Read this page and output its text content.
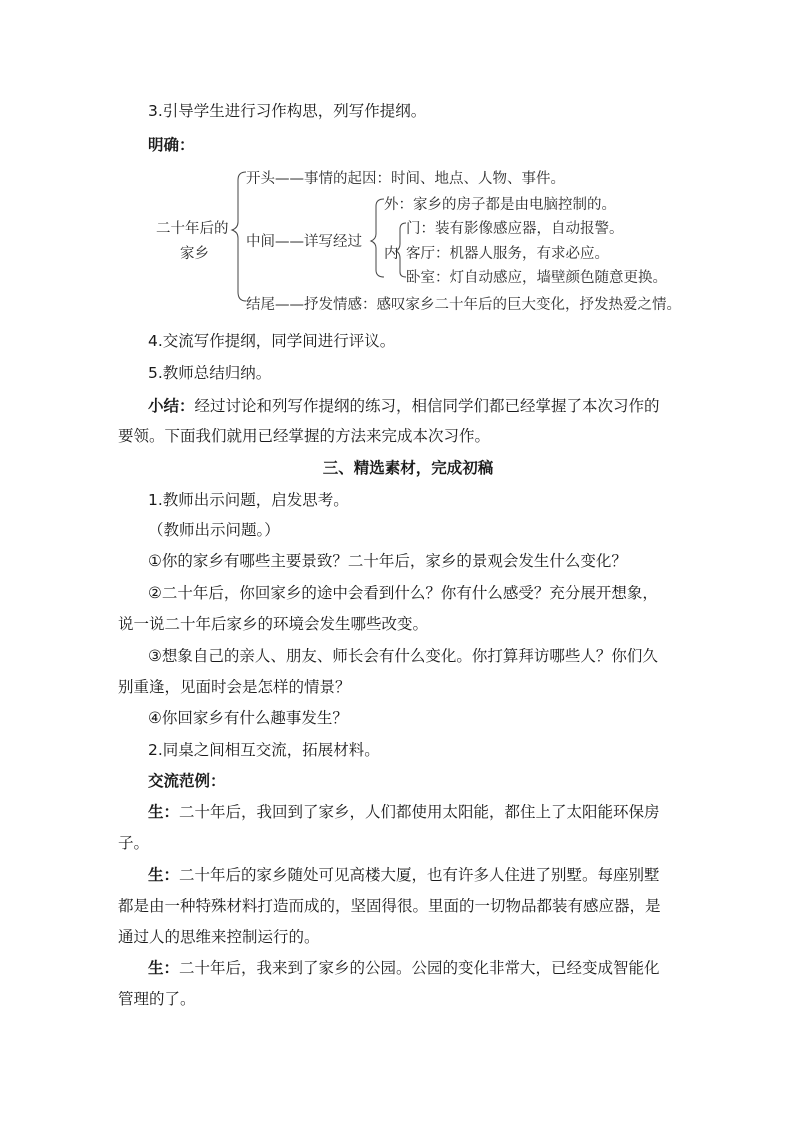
3.引导学生进行习作构思，列写作提纲。
明确：
二十年后的
家乡
开头——事情的起因：时间、地点、人物、事件。
中间——详写经过
外：家乡的房子都是由电脑控制的。
内
门：装有影像感应器，自动报警。
客厅：机器人服务，有求必应。
卧室：灯自动感应，墙壁颜色随意更换。
结尾——抒发情感：感叹家乡二十年后的巨大变化，抒发热爱之情。
4.交流写作提纲，同学间进行评议。
5.教师总结归纳。
小结：经过讨论和列写作提纲的练习，相信同学们都已经掌握了本次习作的
要领。下面我们就用已经掌握的方法来完成本次习作。
三、精选素材，完成初稿
1.教师出示问题，启发思考。
（教师出示问题。）
①你的家乡有哪些主要景致？二十年后，家乡的景观会发生什么变化？
②二十年后，你回家乡的途中会看到什么？你有什么感受？充分展开想象，
说一说二十年后家乡的环境会发生哪些改变。
③想象自己的亲人、朋友、师长会有什么变化。你打算拜访哪些人？你们久
别重逢，见面时会是怎样的情景？
④你回家乡有什么趣事发生？
2.同桌之间相互交流，拓展材料。
交流范例：
生：二十年后，我回到了家乡，人们都使用太阳能，都住上了太阳能环保房
子。
生：二十年后的家乡随处可见高楼大厦，也有许多人住进了别墅。每座别墅
都是由一种特殊材料打造而成的，坚固得很。里面的一切物品都装有感应器，是
通过人的思维来控制运行的。
生：二十年后，我来到了家乡的公园。公园的变化非常大，已经变成智能化
管理的了。
